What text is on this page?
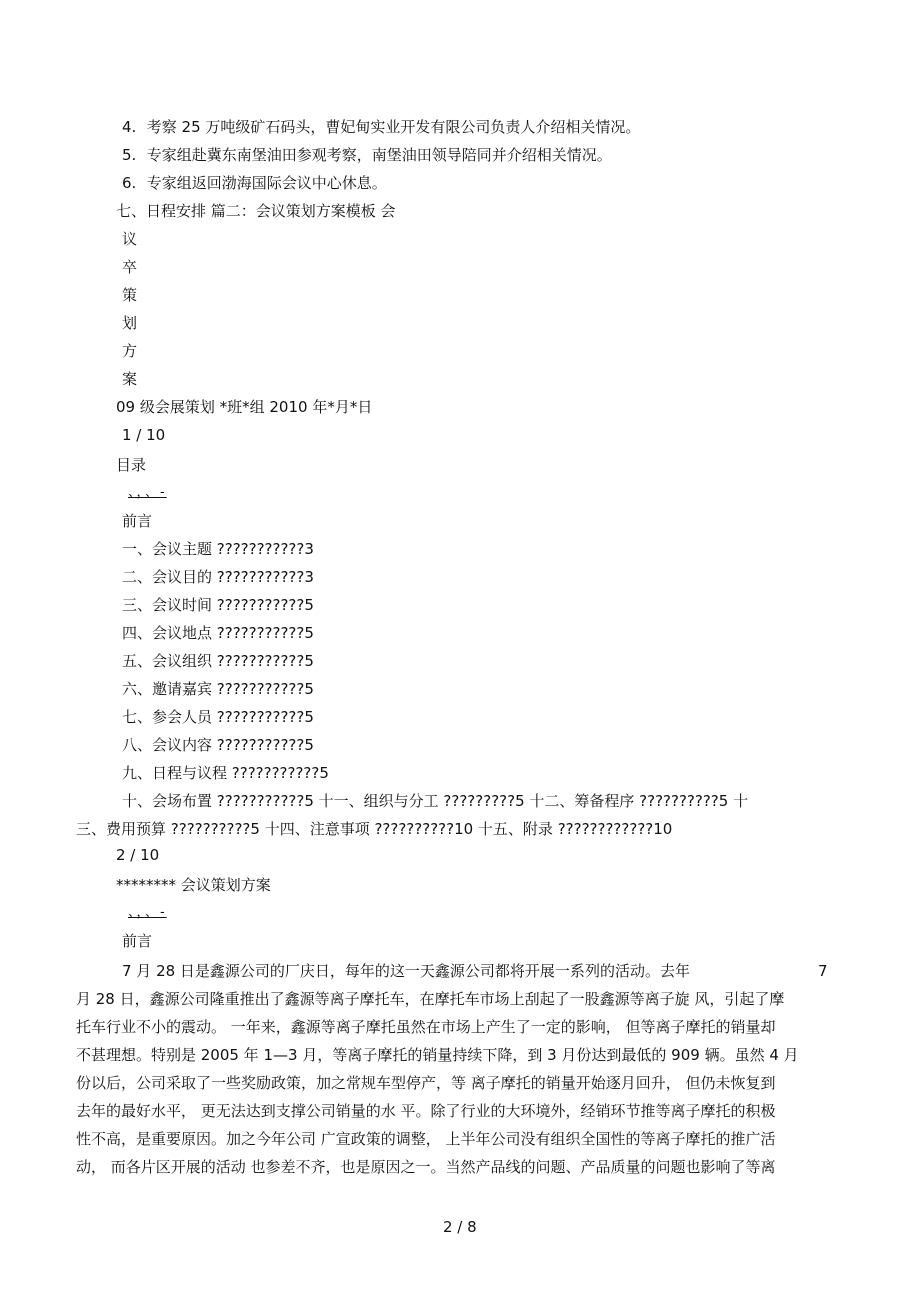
4. 考察 25 万吨级矿石码头，曹妃甸实业开发有限公司负责人介绍相关情况。
5. 专家组赴冀东南堡油田参观考察，南堡油田领导陪同并介绍相关情况。
6. 专家组返回渤海国际会议中心休息。
七、日程安排 篇二：会议策划方案模板 会
议
卒
策
划
方
案
09 级会展策划 *班*组 2010 年*月*日
1 / 10
目录
、，、-
前言
一、会议主题 ???????????3
二、会议目的 ???????????3
三、会议时间 ???????????5
四、会议地点 ???????????5
五、会议组织 ???????????5
六、邀请嘉宾 ???????????5
七、参会人员 ???????????5
八、会议内容 ???????????5
九、日程与议程 ???????????5
十、会场布置 ???????????5 十一、组织与分工 ?????????5 十二、筹备程序 ??????????5 十
三、费用预算 ??????????5 十四、注意事项 ??????????10 十五、附录 ????????????10
2 / 10
******** 会议策划方案
、，、-
前言
7 月 28 日是鑫源公司的厂庆日，每年的这一天鑫源公司都将开展一系列的活动。去年	7
月 28 日，鑫源公司隆重推出了鑫源等离子摩托车，在摩托车市场上刮起了一股鑫源等离子旋 风，引起了摩
托车行业不小的震动。 一年来，鑫源等离子摩托虽然在市场上产生了一定的影响， 但等离子摩托的销量却
不甚理想。特别是 2005 年 1—3 月，等离子摩托的销量持续下降，到 3 月份达到最低的 909 辆。虽然 4 月
份以后，公司采取了一些奖励政策，加之常规车型停产，等 离子摩托的销量开始逐月回升， 但仍未恢复到
去年的最好水平， 更无法达到支撑公司销量的水 平。除了行业的大环境外，经销环节推等离子摩托的积极
性不高，是重要原因。加之今年公司 广宣政策的调整， 上半年公司没有组织全国性的等离子摩托的推广活
动， 而各片区开展的活动 也参差不齐，也是原因之一。当然产品线的问题、产品质量的问题也影响了等离
2 / 8
